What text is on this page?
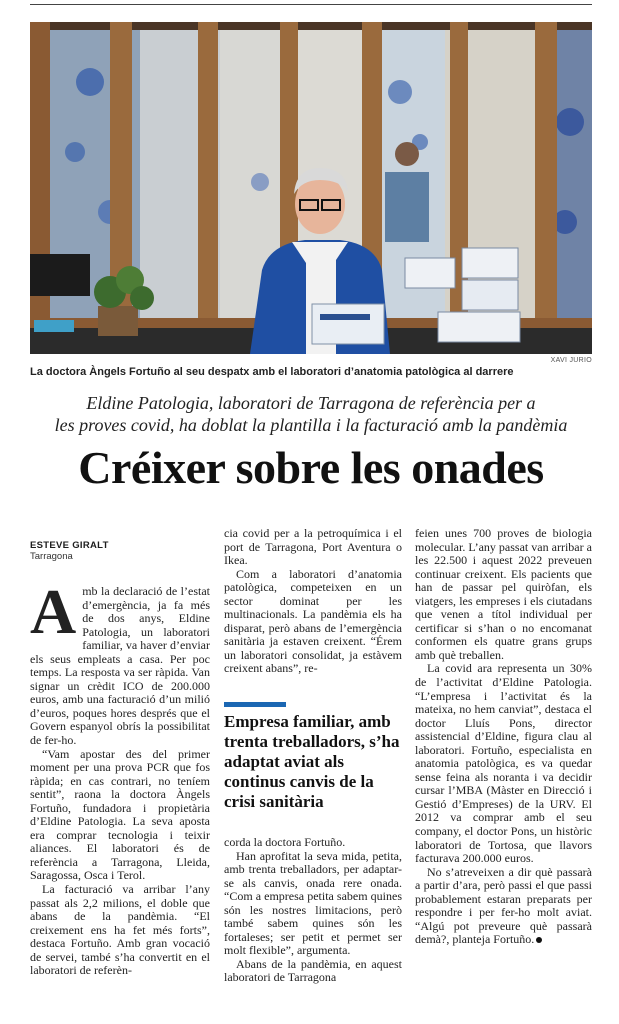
XAVI JURIO
La doctora Àngels Fortuño al seu despatx amb el laboratori d’anatomia patològica al darrere
Eldine Patologia, laboratori de Tarragona de referència per a
les proves covid, ha doblat la plantilla i la facturació amb la pandèmia
Créixer sobre les onades
ESTEVE GIRALT
Tarragona

Amb la declaració de l’estat d’emergència, ja fa més de dos anys, Eldine Patologia, un laboratori familiar, va haver d’enviar els seus empleats a casa. Per poc temps. La resposta va ser ràpida. Van signar un crèdit ICO de 200.000 euros, amb una facturació d’un milió d’euros, poques hores després que el Govern espanyol obrís la possibilitat de fer-ho.

“Vam apostar des del primer moment per una prova PCR que fos ràpida; en cas contrari, no teníem sentit”, raona la doctora Àngels Fortuño, fundadora i propietària d’Eldine Patologia. La seva aposta era comprar tecnologia i teixir aliances. El laboratori és de referència a Tarragona, Lleida, Saragossa, Osca i Terol.

La facturació va arribar l’any passat als 2,2 milions, el doble que abans de la pandèmia. “El creixement ens ha fet més forts”, destaca Fortuño. Amb gran vocació de servei, també s’ha convertit en el laboratori de referèn-

cia covid per a la petroquímica i el port de Tarragona, Port Aventura o Ikea.

Com a laboratori d’anatomia patològica, competeixen en un sector dominat per les multinacionals. La pandèmia els ha disparat, però abans de l’emergència sanitària ja estaven creixent. “Érem un laboratori consolidat, ja estàvem creixent abans”, re-

Empresa familiar, amb trenta treballadors, s’ha adaptat aviat als continus canvis de la crisi sanitària

corda la doctora Fortuño.

Han aprofitat la seva mida, petita, amb trenta treballadors, per adaptar-se als canvis, onada rere onada. “Com a empresa petita sabem quines són les nostres limitacions, però també sabem quines són les fortaleses; ser petit et permet ser molt flexible”, argumenta.

Abans de la pandèmia, en aquest laboratori de Tarragona

feien unes 700 proves de biologia molecular. L’any passat van arribar a les 22.500 i aquest 2022 preveuen continuar creixent. Els pacients que han de passar pel quiròfan, els viatgers, les empreses i els ciutadans que venen a títol individual per certificar si s’han o no encomanat conformen els quatre grans grups amb què treballen.

La covid ara representa un 30% de l’activitat d’Eldine Patologia. “L’empresa i l’activitat és la mateixa, no hem canviat”, destaca el doctor Lluís Pons, director assistencial d’Eldine, figura clau al laboratori. Fortuño, especialista en anatomia patològica, es va quedar sense feina als noranta i va decidir cursar l’MBA (Màster en Direcció i Gestió d’Empreses) de la URV. El 2012 va comprar amb el seu company, el doctor Pons, un històric laboratori de Tortosa, que llavors facturava 200.000 euros.

No s’atreveixen a dir què passarà a partir d’ara, però passi el que passi probablement estaran preparats per respondre i per fer-ho molt aviat. “Algú pot preveure què passarà demà?, planteja Fortuño.
